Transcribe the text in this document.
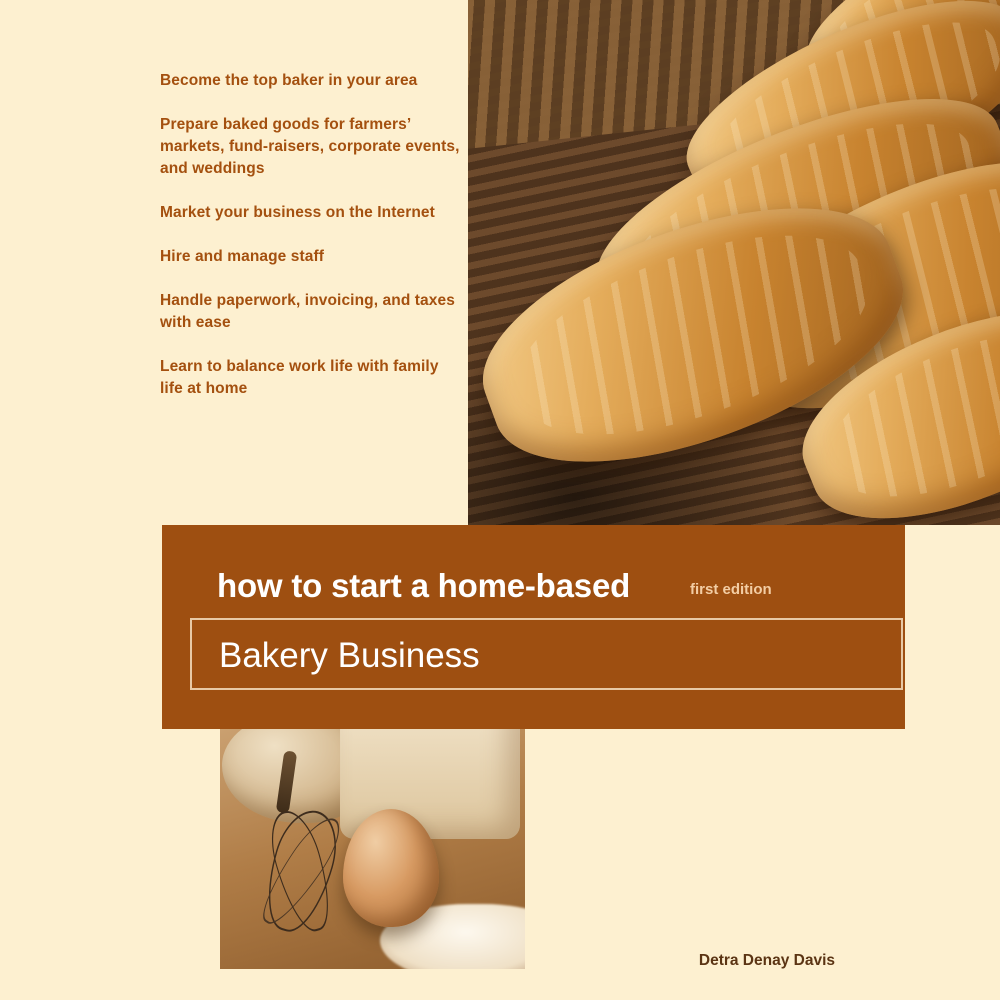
Become the top baker in your area
Prepare baked goods for farmers’ markets, fund-raisers, corporate events, and weddings
Market your business on the Internet
Hire and manage staff
Handle paperwork, invoicing, and taxes with ease
Learn to balance work life with family life at home
how to start a home-based	first edition
Bakery Business
Detra Denay Davis
